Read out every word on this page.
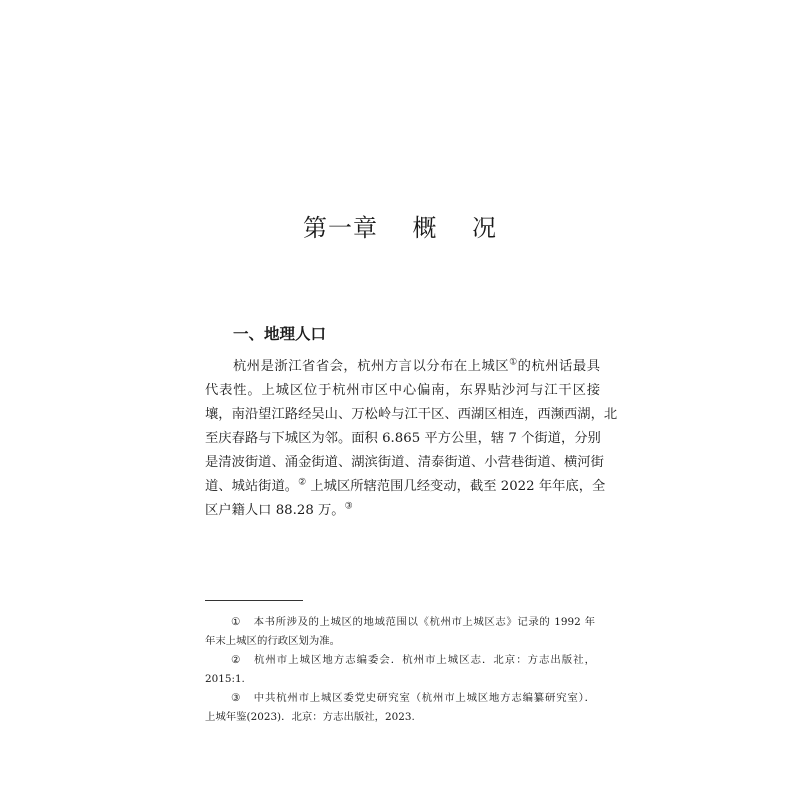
第一章    概    况
一、地理人口
杭州是浙江省省会，杭州方言以分布在上城区①的杭州话最具
代表性。上城区位于杭州市区中心偏南，东界贴沙河与江干区接
壤，南沿望江路经吴山、万松岭与江干区、西湖区相连，西濒西湖，北
至庆春路与下城区为邻。面积 6.865 平方公里，辖 7 个街道，分别
是清波街道、涌金街道、湖滨街道、清泰街道、小营巷街道、横河街
道、城站街道。② 上城区所辖范围几经变动，截至 2022 年年底，全
区户籍人口 88.28 万。③
① 本书所涉及的上城区的地域范围以《杭州市上城区志》记录的 1992 年
年末上城区的行政区划为准。
② 杭州市上城区地方志编委会．杭州市上城区志．北京：方志出版社，
2015:1.
③ 中共杭州市上城区委党史研究室（杭州市上城区地方志编纂研究室）．
上城年鉴(2023)．北京：方志出版社，2023.
